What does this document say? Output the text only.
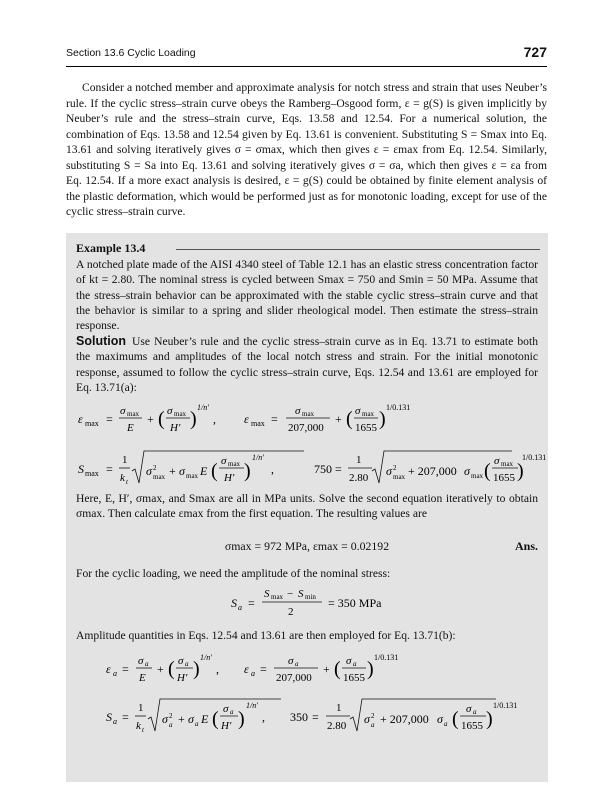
Section 13.6 Cyclic Loading	727

Consider a notched member and approximate analysis for notch stress and strain that uses Neuber’s rule. If the cyclic stress–strain curve obeys the Ramberg–Osgood form, ε = g(S) is given implicitly by Neuber’s rule and the stress–strain curve, Eqs. 13.58 and 12.54. For a numerical solution, the combination of Eqs. 13.58 and 12.54 given by Eq. 13.61 is convenient. Substituting S = Smax into Eq. 13.61 and solving iteratively gives σ = σmax, which then gives ε = εmax from Eq. 12.54. Similarly, substituting S = Sa into Eq. 13.61 and solving iteratively gives σ = σa, which then gives ε = εa from Eq. 12.54. If a more exact analysis is desired, ε = g(S) could be obtained by finite element analysis of the plastic deformation, which would be performed just as for monotonic loading, except for use of the cyclic stress–strain curve.

Example 13.4
A notched plate made of the AISI 4340 steel of Table 12.1 has an elastic stress concentration factor of kt = 2.80. The nominal stress is cycled between Smax = 750 and Smin = 50 MPa. Assume that the stress–strain behavior can be approximated with the stable cyclic stress–strain curve and that the behavior is similar to a spring and slider rheological model. Then estimate the stress–strain response.
Solution Use Neuber’s rule and the cyclic stress–strain curve as in Eq. 13.71 to estimate both the maximums and amplitudes of the local notch stress and strain. For the initial monotonic response, assumed to follow the cyclic stress–strain curve, Eqs. 12.54 and 13.61 are employed for Eq. 13.71(a):
ε max =
σ max
E
+ ( σ max
H′ )
1/n′
, ε max =
σ max
207,000
+ ( σ max
1655 )
1/0.131
S max =
1
k t
σ 2
max + σ max E ( σ max
H′ )
1/n′
,	750 =
1
2.80 σ 2
max + 207,000 σ max ( σ max
1655 )
1/0.131
Here, E, H′, σmax, and Smax are all in MPa units. Solve the second equation iteratively to obtain σmax. Then calculate εmax from the first equation. The resulting values are
σmax = 972 MPa, εmax = 0.02192	Ans.
For the cyclic loading, we need the amplitude of the nominal stress:
S a =
S max − S min
2
= 350 MPa
Amplitude quantities in Eqs. 12.54 and 13.61 are then employed for Eq. 13.71(b):
ε a =
σ a
E
+ ( σ a
H′ )
1/n′
, ε a =
σ a
207,000
+ ( σ a
1655 )
1/0.131
S a =
1
k t
σ 2
a + σ a E ( σ a
H′ )
1/n′
, 350 =
1
2.80 σ 2
a + 207,000 σ a ( σ a
1655 )
1/0.131
